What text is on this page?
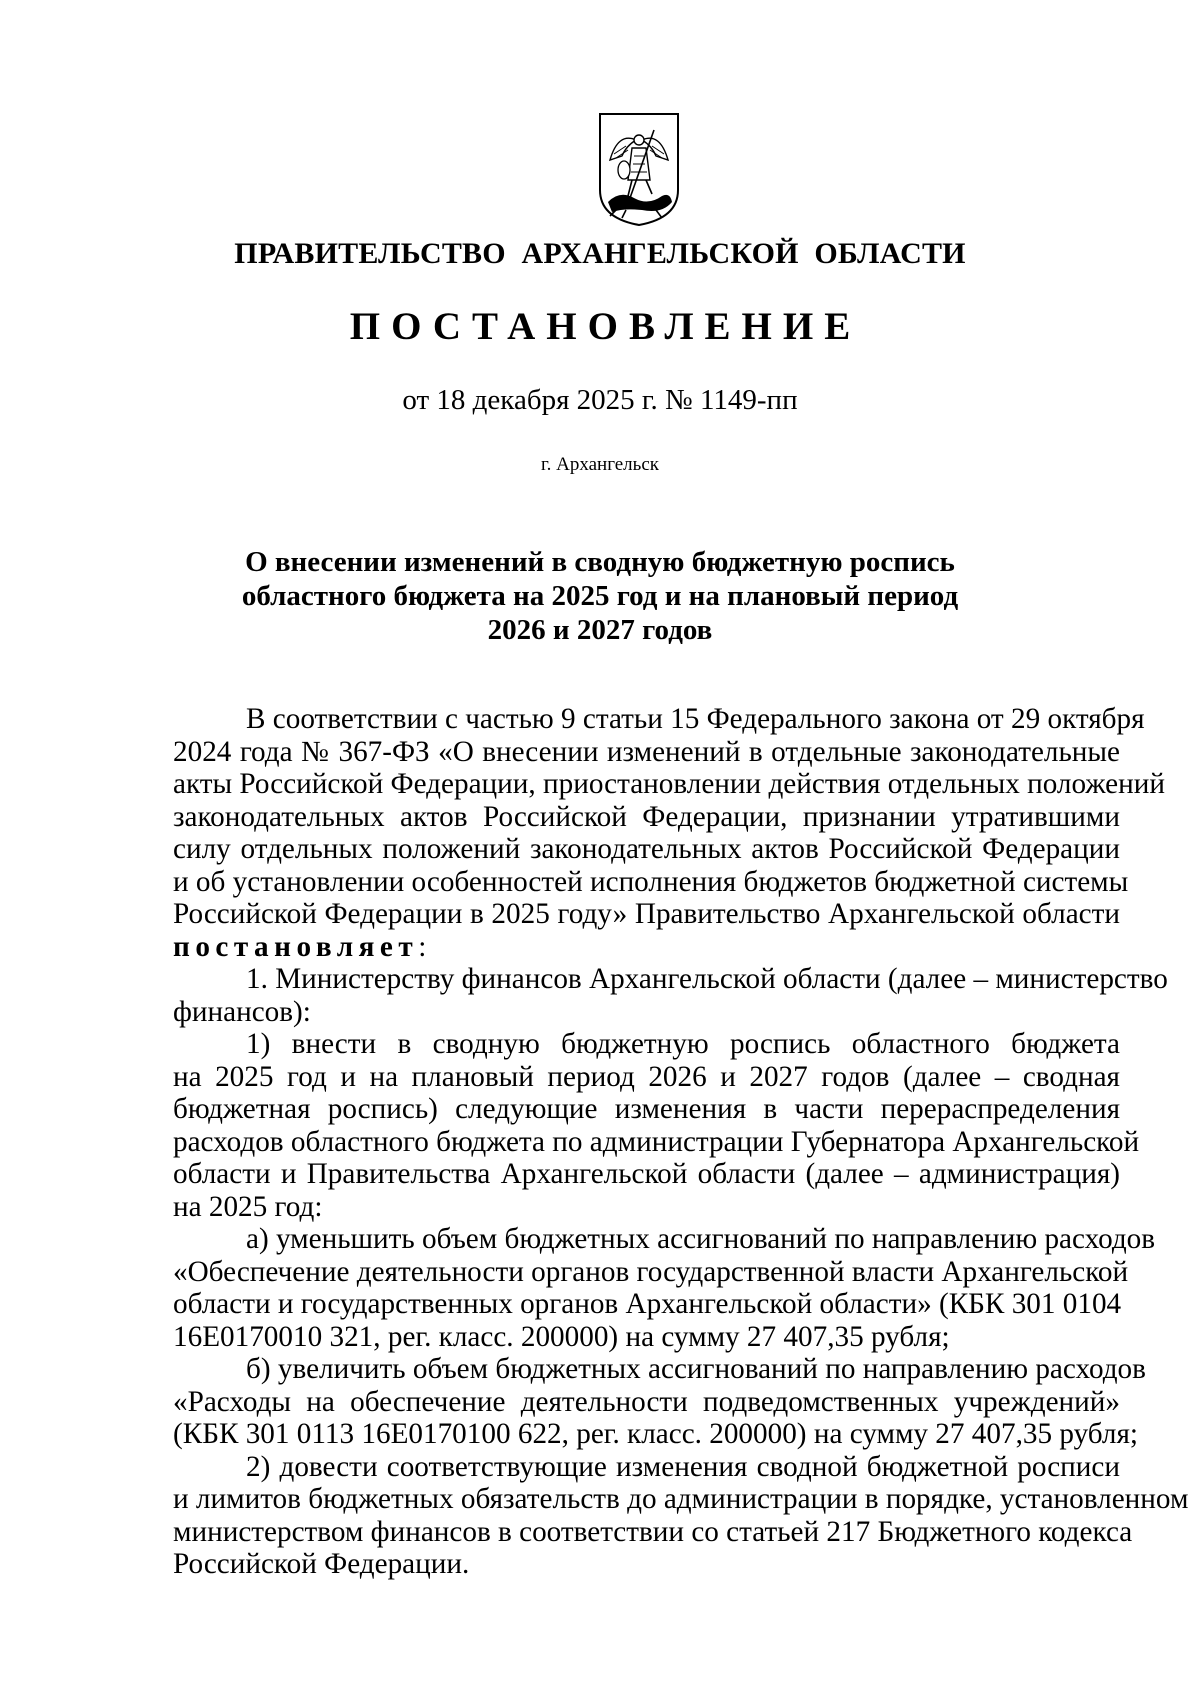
ПРАВИТЕЛЬСТВО АРХАНГЕЛЬСКОЙ ОБЛАСТИ
ПОСТАНОВЛЕНИЕ
от 18 декабря 2025 г. № 1149-пп
г. Архангельск
О внесении изменений в сводную бюджетную роспись
областного бюджета на 2025 год и на плановый период
2026 и 2027 годов
В соответствии с частью 9 статьи 15 Федерального закона от 29 октября
2024 года № 367-ФЗ «О внесении изменений в отдельные законодательные
акты Российской Федерации, приостановлении действия отдельных положений
законодательных актов Российской Федерации, признании утратившими
силу отдельных положений законодательных актов Российской Федерации
и об установлении особенностей исполнения бюджетов бюджетной системы
Российской Федерации в 2025 году» Правительство Архангельской области
постановляет:
1. Министерству финансов Архангельской области (далее – министерство
финансов):
1) внести в сводную бюджетную роспись областного бюджета
на 2025 год и на плановый период 2026 и 2027 годов (далее – сводная
бюджетная роспись) следующие изменения в части перераспределения
расходов областного бюджета по администрации Губернатора Архангельской
области и Правительства Архангельской области (далее – администрация)
на 2025 год:
а) уменьшить объем бюджетных ассигнований по направлению расходов
«Обеспечение деятельности органов государственной власти Архангельской
области и государственных органов Архангельской области» (КБК 301 0104
16Е0170010 321, рег. класс. 200000) на сумму 27 407,35 рубля;
б) увеличить объем бюджетных ассигнований по направлению расходов
«Расходы на обеспечение деятельности подведомственных учреждений»
(КБК 301 0113 16Е0170100 622, рег. класс. 200000) на сумму 27 407,35 рубля;
2) довести соответствующие изменения сводной бюджетной росписи
и лимитов бюджетных обязательств до администрации в порядке, установленном
министерством финансов в соответствии со статьей 217 Бюджетного кодекса
Российской Федерации.
